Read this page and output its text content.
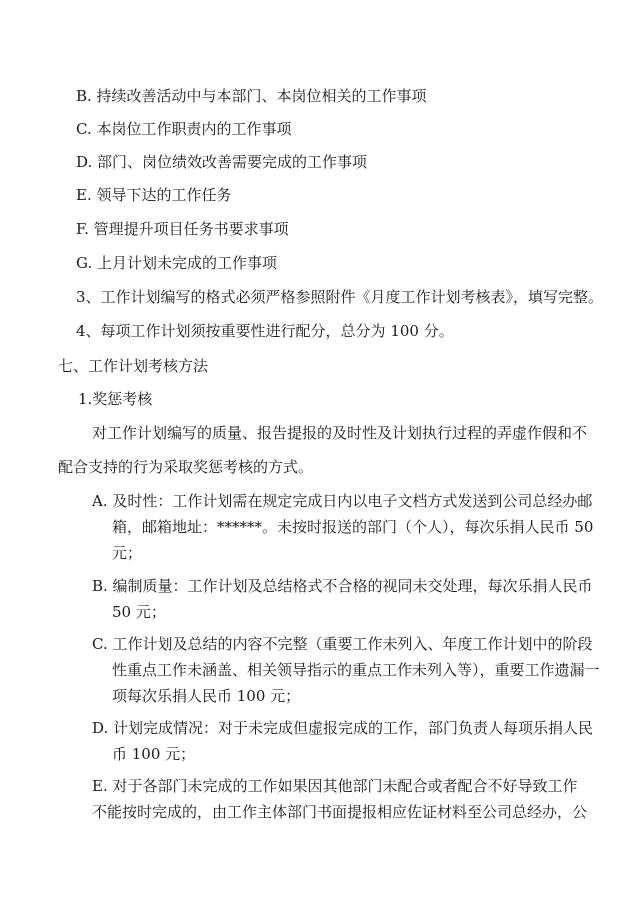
B. 持续改善活动中与本部门、本岗位相关的工作事项
C. 本岗位工作职责内的工作事项
D. 部门、岗位绩效改善需要完成的工作事项
E. 领导下达的工作任务
F. 管理提升项目任务书要求事项
G. 上月计划未完成的工作事项
3、工作计划编写的格式必须严格参照附件《月度工作计划考核表》，填写完整。
4、每项工作计划须按重要性进行配分，总分为 100 分。
七、工作计划考核方法
1.奖惩考核
对工作计划编写的质量、报告提报的及时性及计划执行过程的弄虚作假和不
配合支持的行为采取奖惩考核的方式。
A. 及时性：工作计划需在规定完成日内以电子文档方式发送到公司总经办邮
箱，邮箱地址：******。未按时报送的部门（个人），每次乐捐人民币 50
元；
B. 编制质量：工作计划及总结格式不合格的视同未交处理，每次乐捐人民币
50 元；
C. 工作计划及总结的内容不完整（重要工作未列入、年度工作计划中的阶段
性重点工作未涵盖、相关领导指示的重点工作未列入等），重要工作遗漏一
项每次乐捐人民币 100 元；
D. 计划完成情况：对于未完成但虚报完成的工作，部门负责人每项乐捐人民
币 100 元；
E. 对于各部门未完成的工作如果因其他部门未配合或者配合不好导致工作
不能按时完成的，由工作主体部门书面提报相应佐证材料至公司总经办，公
